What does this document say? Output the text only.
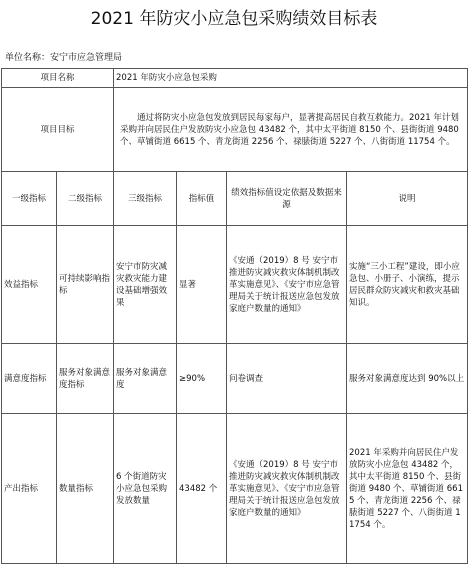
2021 年防灾小应急包采购绩效目标表
单位名称：安宁市应急管理局
项目名称		2021 年防灾小应急包采购			
项目目标		通过将防灾小应急包发放到居民每家每户，显著提高居民自救互救能力。2021 年计划采购并向居民住户发放防灾小应急包 43482 个，其中太平街道 8150 个、县街街道 9480 个、草铺街道 6615 个、青龙街道 2256 个、禄脿街道 5227 个、八街街道 11754 个。			
一级指标	二级指标	三级指标	指标值	绩效指标值设定依据及数据来源	说明
效益指标	可持续影响指标	安宁市防灾减灾救灾能力建设基础增强效果	显著	《安通（2019）8 号 安宁市推进防灾减灾救灾体制机制改革实施意见》、《安宁市应急管理局关于统计报送应急包发放家庭户数量的通知》	实施“三小工程”建设，即小应急包、小册子、小演练，提示居民群众防灾减灾和救灾基础知识。
满意度指标	服务对象满意度指标	服务对象满意度	≥90%	问卷调查	服务对象满意度达到 90%以上
产出指标	数量指标	6 个街道防灾小应急包采购发放数量	43482 个	《安通（2019）8 号 安宁市推进防灾减灾救灾体制机制改革实施意见》、《安宁市应急管理局关于统计报送应急包发放家庭户数量的通知》	2021 年采购并向居民住户发放防灾小应急包 43482 个，其中太平街道 8150 个、县街街道 9480 个、草铺街道 6615 个、青龙街道 2256 个、禄脿街道 5227 个、八街街道 11754 个。
